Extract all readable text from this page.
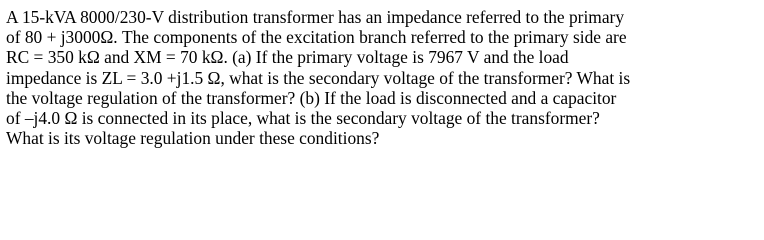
A 15-kVA 8000/230-V distribution transformer has an impedance referred to the primary
of 80 + j3000Ω. The components of the excitation branch referred to the primary side are
RC = 350 kΩ and XM = 70 kΩ. (a) If the primary voltage is 7967 V and the load
impedance is ZL = 3.0 +j1.5 Ω, what is the secondary voltage of the transformer? What is
the voltage regulation of the transformer? (b) If the load is disconnected and a capacitor
of –j4.0 Ω is connected in its place, what is the secondary voltage of the transformer?
What is its voltage regulation under these conditions?
